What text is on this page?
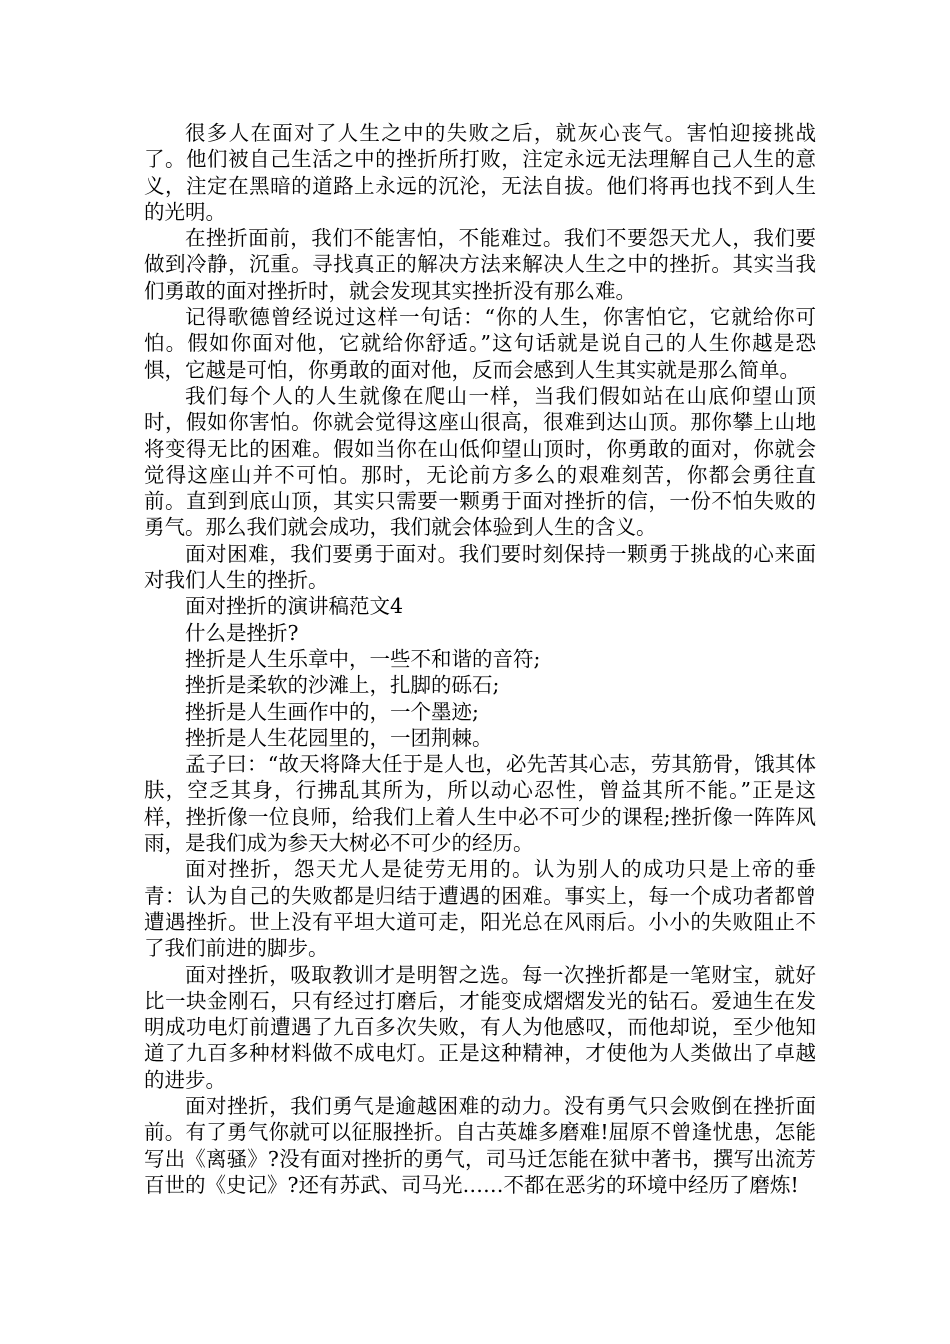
很多人在面对了人生之中的失败之后，就灰心丧气。害怕迎接挑战了。他们被自己生活之中的挫折所打败，注定永远无法理解自己人生的意义，注定在黑暗的道路上永远的沉沦，无法自拔。他们将再也找不到人生的光明。

在挫折面前，我们不能害怕，不能难过。我们不要怨天尤人，我们要做到冷静，沉重。寻找真正的解决方法来解决人生之中的挫折。其实当我们勇敢的面对挫折时，就会发现其实挫折没有那么难。

记得歌德曾经说过这样一句话：“你的人生，你害怕它，它就给你可怕。假如你面对他，它就给你舒适。”这句话就是说自己的人生你越是恐惧，它越是可怕，你勇敢的面对他，反而会感到人生其实就是那么简单。

我们每个人的人生就像在爬山一样，当我们假如站在山底仰望山顶时，假如你害怕。你就会觉得这座山很高，很难到达山顶。那你攀上山地将变得无比的困难。假如当你在山低仰望山顶时，你勇敢的面对，你就会觉得这座山并不可怕。那时，无论前方多么的艰难刻苦，你都会勇往直前。直到到底山顶，其实只需要一颗勇于面对挫折的信，一份不怕失败的勇气。那么我们就会成功，我们就会体验到人生的含义。

面对困难，我们要勇于面对。我们要时刻保持一颗勇于挑战的心来面对我们人生的挫折。

面对挫折的演讲稿范文4

什么是挫折?

挫折是人生乐章中，一些不和谐的音符;

挫折是柔软的沙滩上，扎脚的砾石;

挫折是人生画作中的，一个墨迹;

挫折是人生花园里的，一团荆棘。

孟子曰：“故天将降大任于是人也，必先苦其心志，劳其筋骨，饿其体肤，空乏其身，行拂乱其所为，所以动心忍性，曾益其所不能。”正是这样，挫折像一位良师，给我们上着人生中必不可少的课程;挫折像一阵阵风雨，是我们成为参天大树必不可少的经历。

面对挫折，怨天尤人是徒劳无用的。认为别人的成功只是上帝的垂青：认为自己的失败都是归结于遭遇的困难。事实上，每一个成功者都曾遭遇挫折。世上没有平坦大道可走，阳光总在风雨后。小小的失败阻止不了我们前进的脚步。

面对挫折，吸取教训才是明智之选。每一次挫折都是一笔财宝，就好比一块金刚石，只有经过打磨后，才能变成熠熠发光的钻石。爱迪生在发明成功电灯前遭遇了九百多次失败，有人为他感叹，而他却说，至少他知道了九百多种材料做不成电灯。正是这种精神，才使他为人类做出了卓越的进步。

面对挫折，我们勇气是逾越困难的动力。没有勇气只会败倒在挫折面前。有了勇气你就可以征服挫折。自古英雄多磨难!屈原不曾逢忧患，怎能写出《离骚》?没有面对挫折的勇气，司马迁怎能在狱中著书，撰写出流芳百世的《史记》?还有苏武、司马光……不都在恶劣的环境中经历了磨炼!
